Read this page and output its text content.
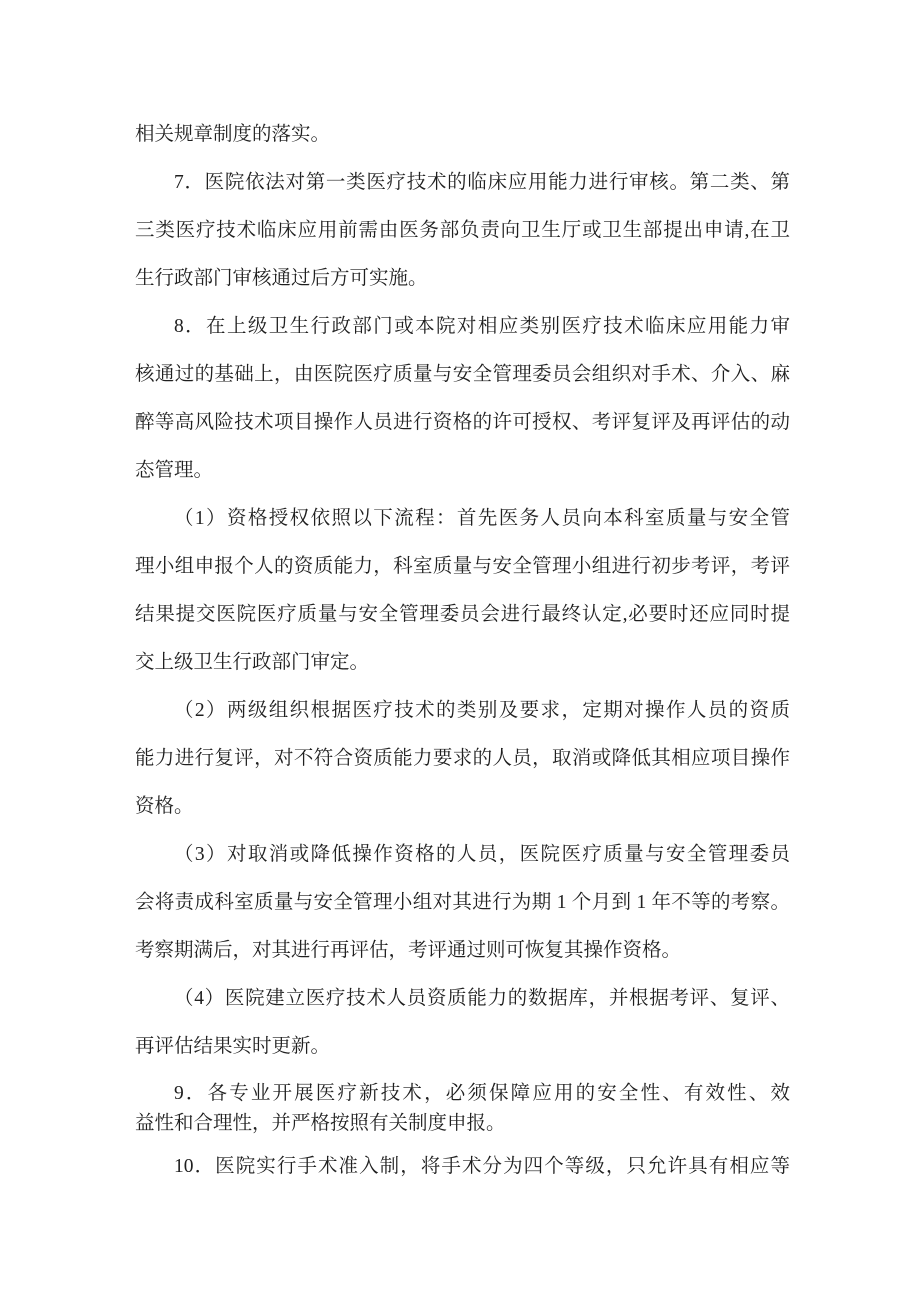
相关规章制度的落实。
7．医院依法对第一类医疗技术的临床应用能力进行审核。第二类、第
三类医疗技术临床应用前需由医务部负责向卫生厅或卫生部提出申请,在卫
生行政部门审核通过后方可实施。
8．在上级卫生行政部门或本院对相应类别医疗技术临床应用能力审
核通过的基础上，由医院医疗质量与安全管理委员会组织对手术、介入、麻
醉等高风险技术项目操作人员进行资格的许可授权、考评复评及再评估的动
态管理。
（1）资格授权依照以下流程：首先医务人员向本科室质量与安全管
理小组申报个人的资质能力，科室质量与安全管理小组进行初步考评，考评
结果提交医院医疗质量与安全管理委员会进行最终认定,必要时还应同时提
交上级卫生行政部门审定。
（2）两级组织根据医疗技术的类别及要求，定期对操作人员的资质
能力进行复评，对不符合资质能力要求的人员，取消或降低其相应项目操作
资格。
（3）对取消或降低操作资格的人员，医院医疗质量与安全管理委员
会将责成科室质量与安全管理小组对其进行为期 1 个月到 1 年不等的考察。
考察期满后，对其进行再评估，考评通过则可恢复其操作资格。
（4）医院建立医疗技术人员资质能力的数据库，并根据考评、复评、
再评估结果实时更新。
9．各专业开展医疗新技术，必须保障应用的安全性、有效性、效
益性和合理性，并严格按照有关制度申报。
10．医院实行手术准入制，将手术分为四个等级，只允许具有相应等
